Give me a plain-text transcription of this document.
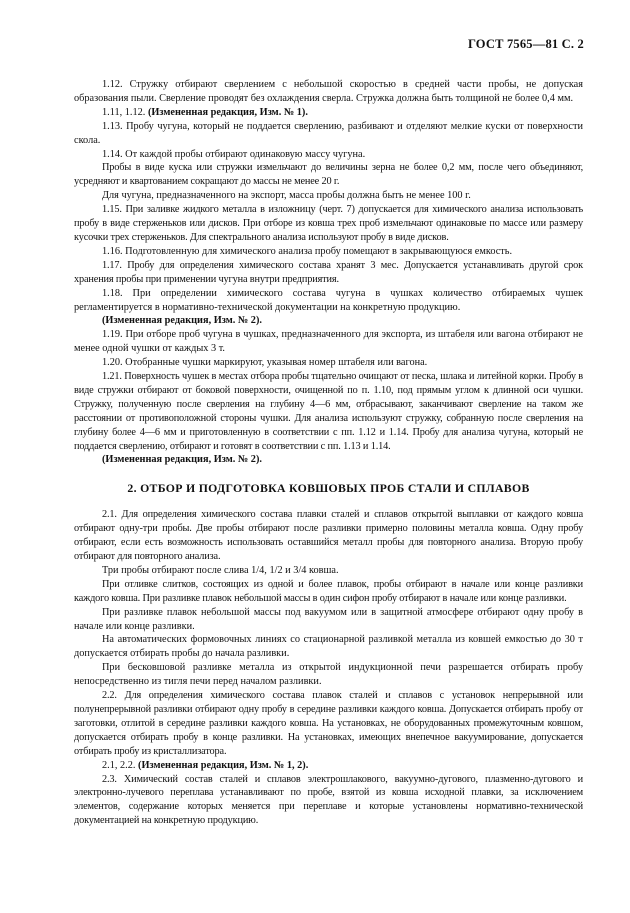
ГОСТ 7565—81 С. 2

1.12. Стружку отбирают сверлением с небольшой скоростью в средней части пробы, не допуская образования пыли. Сверление проводят без охлаждения сверла. Стружка должна быть толщиной не более 0,4 мм.

1.11, 1.12. (Измененная редакция, Изм. № 1).

1.13. Пробу чугуна, который не поддается сверлению, разбивают и отделяют мелкие куски от поверхности скола.

1.14. От каждой пробы отбирают одинаковую массу чугуна.

Пробы в виде куска или стружки измельчают до величины зерна не более 0,2 мм, после чего объединяют, усредняют и квартованием сокращают до массы не менее 20 г.

Для чугуна, предназначенного на экспорт, масса пробы должна быть не менее 100 г.

1.15. При заливке жидкого металла в изложницу (черт. 7) допускается для химического анализа использовать пробу в виде стерженьков или дисков. При отборе из ковша трех проб измельчают одинаковые по массе или размеру кусочки трех стерженьков. Для спектрального анализа используют пробу в виде дисков.

1.16. Подготовленную для химического анализа пробу помещают в закрывающуюся емкость.

1.17. Пробу для определения химического состава хранят 3 мес. Допускается устанавливать другой срок хранения пробы при применении чугуна внутри предприятия.

1.18. При определении химического состава чугуна в чушках количество отбираемых чушек регламентируется в нормативно-технической документации на конкретную продукцию.

(Измененная редакция, Изм. № 2).

1.19. При отборе проб чугуна в чушках, предназначенного для экспорта, из штабеля или вагона отбирают не менее одной чушки от каждых 3 т.

1.20. Отобранные чушки маркируют, указывая номер штабеля или вагона.

1.21. Поверхность чушек в местах отбора пробы тщательно очищают от песка, шлака и литейной корки. Пробу в виде стружки отбирают от боковой поверхности, очищенной по п. 1.10, под прямым углом к длинной оси чушки. Стружку, полученную после сверления на глубину 4—6 мм, отбрасывают, заканчивают сверление на таком же расстоянии от противоположной стороны чушки. Для анализа используют стружку, собранную после сверления на глубину более 4—6 мм и приготовленную в соответствии с пп. 1.12 и 1.14. Пробу для анализа чугуна, который не поддается сверлению, отбирают и готовят в соответствии с пп. 1.13 и 1.14.

(Измененная редакция, Изм. № 2).

2. ОТБОР И ПОДГОТОВКА КОВШОВЫХ ПРОБ СТАЛИ И СПЛАВОВ

2.1. Для определения химического состава плавки сталей и сплавов открытой выплавки от каждого ковша отбирают одну-три пробы. Две пробы отбирают после разливки примерно половины металла ковша. Одну пробу отбирают, если есть возможность использовать оставшийся металл пробы для повторного анализа. Вторую пробу отбирают для повторного анализа.

Три пробы отбирают после слива 1/4, 1/2 и 3/4 ковша.

При отливке слитков, состоящих из одной и более плавок, пробы отбирают в начале или конце разливки каждого ковша. При разливке плавок небольшой массы в один сифон пробу отбирают в начале или конце разливки.

При разливке плавок небольшой массы под вакуумом или в защитной атмосфере отбирают одну пробу в начале или конце разливки.

На автоматических формовочных линиях со стационарной разливкой металла из ковшей емкостью до 30 т допускается отбирать пробы до начала разливки.

При бесковшовой разливке металла из открытой индукционной печи разрешается отбирать пробу непосредственно из тигля печи перед началом разливки.

2.2. Для определения химического состава плавок сталей и сплавов с установок непрерывной или полунепрерывной разливки отбирают одну пробу в середине разливки каждого ковша. Допускается отбирать пробу от заготовки, отлитой в середине разливки каждого ковша. На установках, не оборудованных промежуточным ковшом, допускается отбирать пробу в конце разливки. На установках, имеющих внепечное вакуумирование, допускается отбирать пробу из кристаллизатора.

2.1, 2.2. (Измененная редакция, Изм. № 1, 2).

2.3. Химический состав сталей и сплавов электрошлакового, вакуумно-дугового, плазменно-дугового и электронно-лучевого переплава устанавливают по пробе, взятой из ковша исходной плавки, за исключением элементов, содержание которых меняется при переплаве и которые установлены нормативно-технической документацией на конкретную продукцию.
